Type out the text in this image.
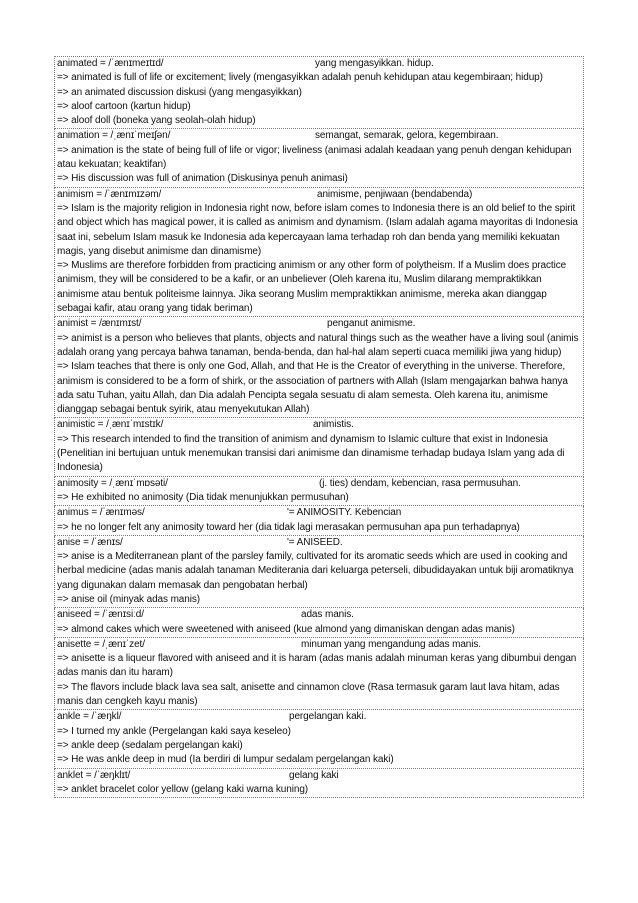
animated = /ˈænɪmeɪtɪd/	yang mengasyikkan. hidup.
=> animated is full of life or excitement; lively (mengasyikkan adalah penuh kehidupan atau kegembiraan; hidup)
=> an animated discussion diskusi (yang mengasyikkan)
=> aloof cartoon (kartun hidup)
=> aloof doll (boneka yang seolah-olah hidup)
animation = /ˌænɪˈmeɪʃən/	semangat, semarak, gelora, kegembiraan.
=> animation is the state of being full of life or vigor; liveliness (animasi adalah keadaan yang penuh dengan kehidupan atau kekuatan; keaktifan)
=> His discussion was full of animation (Diskusinya penuh animasi)
animism = /ˈænɪmɪzəm/	animisme, penjiwaan (bendabenda)
=> Islam is the majority religion in Indonesia right now, before islam comes to Indonesia there is an old belief to the spirit and object which has magical power, it is called as animism and dynamism. (Islam adalah agama mayoritas di Indonesia saat ini, sebelum Islam masuk ke Indonesia ada kepercayaan lama terhadap roh dan benda yang memiliki kekuatan magis, yang disebut animisme dan dinamisme)
=> Muslims are therefore forbidden from practicing animism or any other form of polytheism. If a Muslim does practice animism, they will be considered to be a kafir, or an unbeliever (Oleh karena itu, Muslim dilarang mempraktikkan animisme atau bentuk politeisme lainnya. Jika seorang Muslim mempraktikkan animisme, mereka akan dianggap sebagai kafir, atau orang yang tidak beriman)
animist = /ænɪmɪst/	penganut animisme.
=> animist is a person who believes that plants, objects and natural things such as the weather have a living soul (animis adalah orang yang percaya bahwa tanaman, benda-benda, dan hal-hal alam seperti cuaca memiliki jiwa yang hidup)
=> Islam teaches that there is only one God, Allah, and that He is the Creator of everything in the universe. Therefore, animism is considered to be a form of shirk, or the association of partners with Allah (Islam mengajarkan bahwa hanya ada satu Tuhan, yaitu Allah, dan Dia adalah Pencipta segala sesuatu di alam semesta. Oleh karena itu, animisme dianggap sebagai bentuk syirik, atau menyekutukan Allah)
animistic = /ˌænɪˈmɪstɪk/	animistis.
=> This research intended to find the transition of animism and dynamism to Islamic culture that exist in Indonesia (Penelitian ini bertujuan untuk menemukan transisi dari animisme dan dinamisme terhadap budaya Islam yang ada di Indonesia)
animosity = /ˌænɪˈmɒsəti/	(j. ties) dendam, kebencian, rasa permusuhan.
=> He exhibited no animosity (Dia tidak menunjukkan permusuhan)
animus = /ˈænɪməs/	'= ANIMOSITY. Kebencian
=> he no longer felt any animosity toward her (dia tidak lagi merasakan permusuhan apa pun terhadapnya)
anise = /ˈænɪs/	'= ANISEED.
=> anise is a Mediterranean plant of the parsley family, cultivated for its aromatic seeds which are used in cooking and herbal medicine (adas manis adalah tanaman Mediterania dari keluarga peterseli, dibudidayakan untuk biji aromatiknya yang digunakan dalam memasak dan pengobatan herbal)
=> anise oil (minyak adas manis)
aniseed = /ˈænɪsiːd/	adas manis.
=> almond cakes which were sweetened with aniseed (kue almond yang dimaniskan dengan adas manis)
anisette = /ˌænɪˈzet/	minuman yang mengandung adas manis.
=> anisette is a liqueur flavored with aniseed and it is haram (adas manis adalah minuman keras yang dibumbui dengan adas manis dan itu haram)
=> The flavors include black lava sea salt, anisette and cinnamon clove (Rasa termasuk garam laut lava hitam, adas manis dan cengkeh kayu manis)
ankle = /ˈæŋkl/	pergelangan kaki.
=> I turned my ankle (Pergelangan kaki saya keseleo)
=> ankle deep (sedalam pergelangan kaki)
=> He was ankle deep in mud (Ia berdiri di lumpur sedalam pergelangan kaki)
anklet = /ˈæŋklɪt/	gelang kaki
=> anklet bracelet color yellow (gelang kaki warna kuning)
